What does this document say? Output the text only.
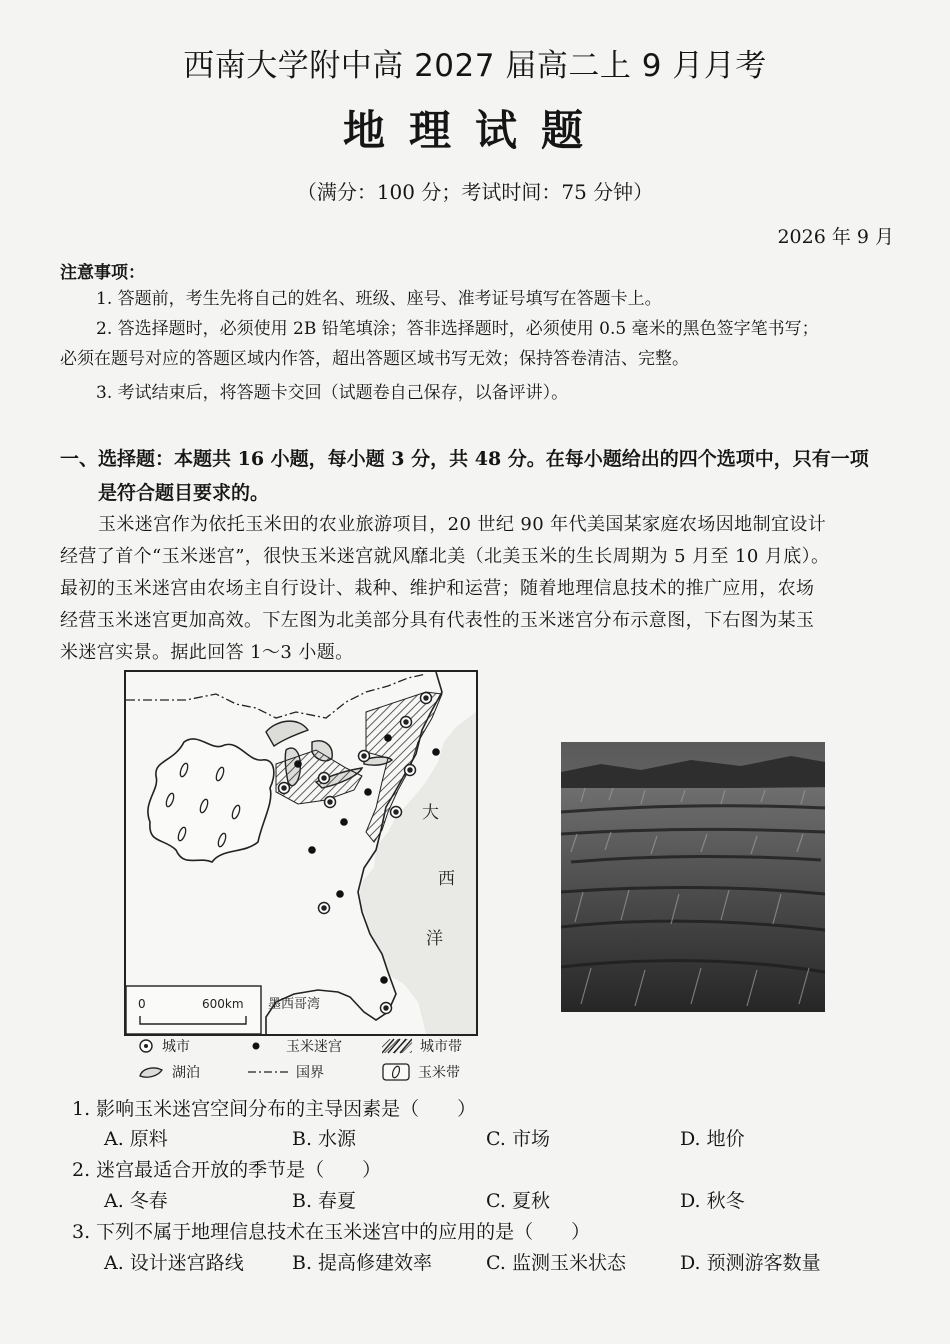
西南大学附中高 2027 届高二上 9 月月考
地理试题
（满分：100 分；考试时间：75 分钟）
2026 年 9 月
注意事项：
1. 答题前，考生先将自己的姓名、班级、座号、准考证号填写在答题卡上。
2. 答选择题时，必须使用 2B 铅笔填涂；答非选择题时，必须使用 0.5 毫米的黑色签字笔书写；
必须在题号对应的答题区域内作答，超出答题区域书写无效；保持答卷清洁、完整。
3. 考试结束后，将答题卡交回（试题卷自己保存，以备评讲）。
一、选择题：本题共 16 小题，每小题 3 分，共 48 分。在每小题给出的四个选项中，只有一项
是符合题目要求的。
玉米迷宫作为依托玉米田的农业旅游项目，20 世纪 90 年代美国某家庭农场因地制宜设计
经营了首个“玉米迷宫”，很快玉米迷宫就风靡北美（北美玉米的生长周期为 5 月至 10 月底）。
最初的玉米迷宫由农场主自行设计、栽种、维护和运营；随着地理信息技术的推广应用，农场
经营玉米迷宫更加高效。下左图为北美部分具有代表性的玉米迷宫分布示意图，下右图为某玉
米迷宫实景。据此回答 1～3 小题。
大
西
洋
墨西哥湾
0	600km
城市	玉米迷宫	城市带
湖泊	国界	玉米带
1. 影响玉米迷宫空间分布的主导因素是（　　）
A. 原料	B. 水源	C. 市场	D. 地价
2. 迷宫最适合开放的季节是（　　）
A. 冬春	B. 春夏	C. 夏秋	D. 秋冬
3. 下列不属于地理信息技术在玉米迷宫中的应用的是（　　）
A. 设计迷宫路线	B. 提高修建效率	C. 监测玉米状态	D. 预测游客数量
